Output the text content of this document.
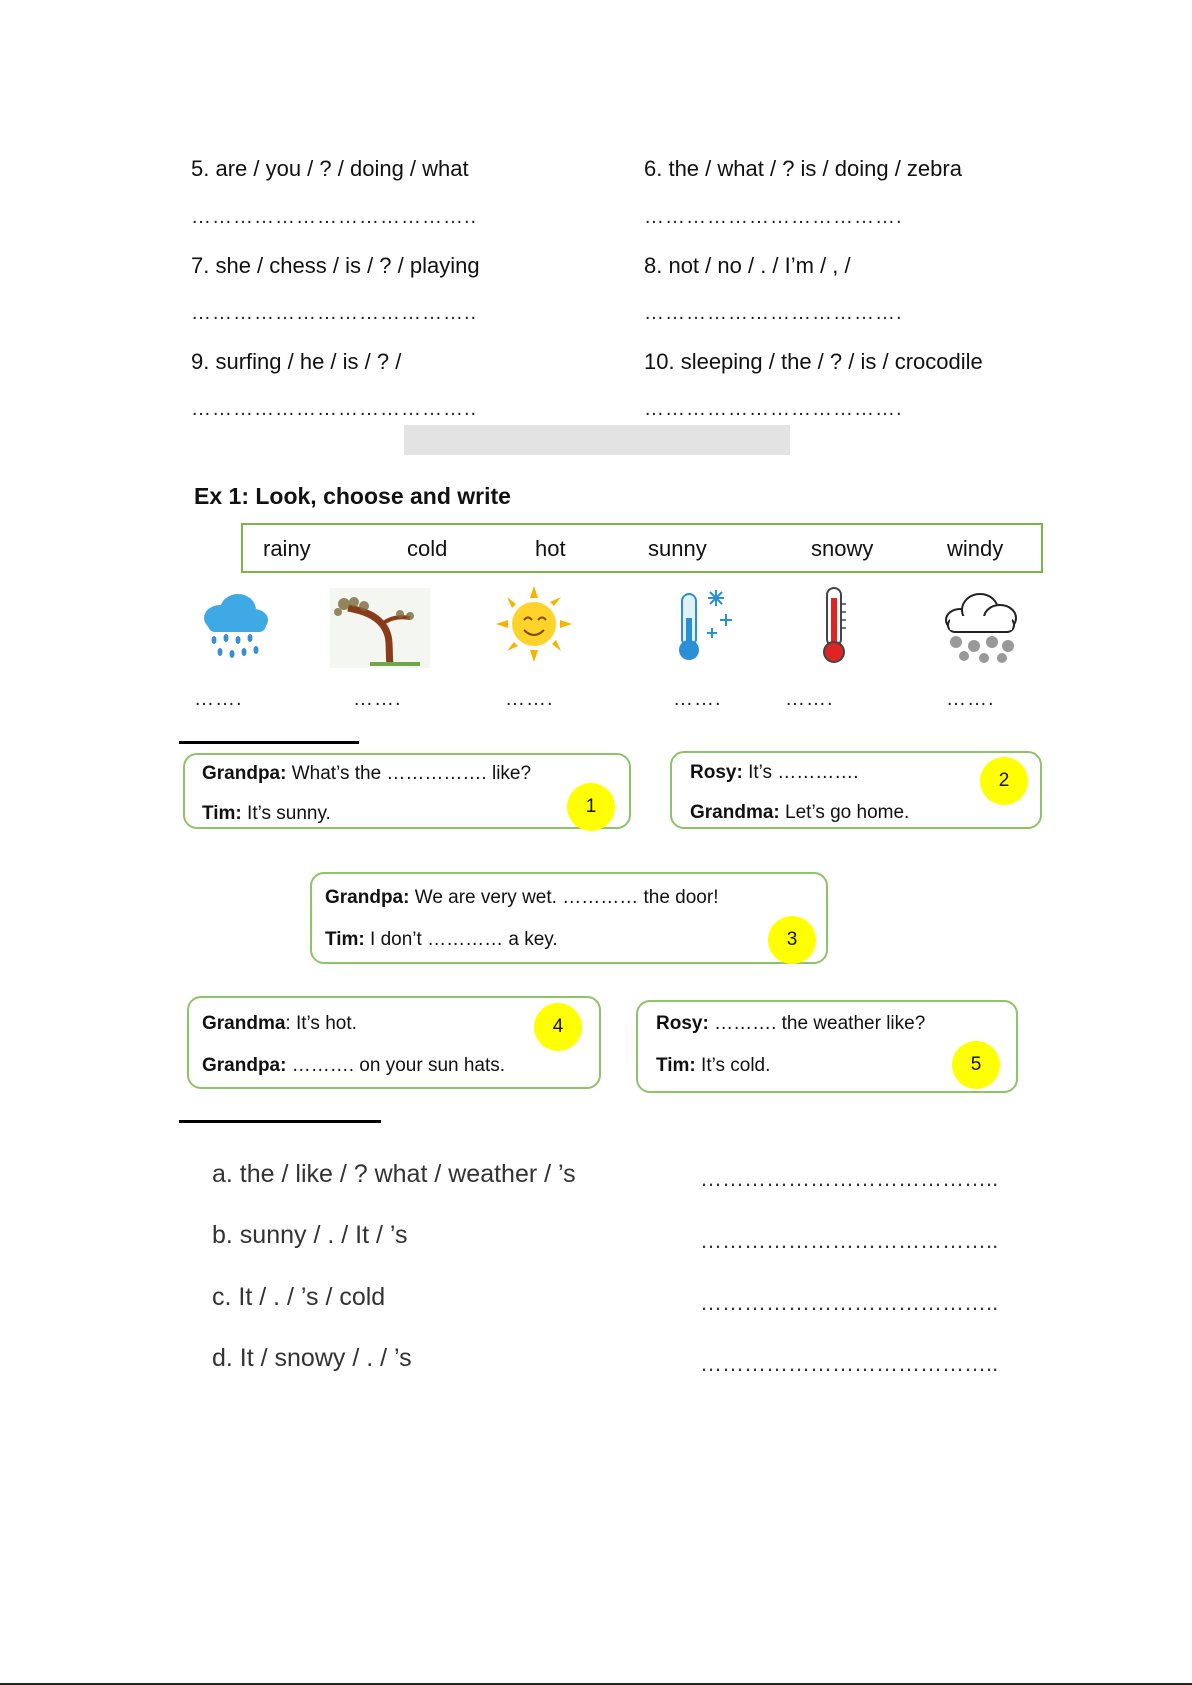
5. are / you / ? / doing / what
…………………………………..
6. the / what / ? is / doing / zebra
……………………………….
7. she / chess / is / ? / playing
…………………………………..
8. not / no / . / I’m / , /
……………………………….
9. surfing / he / is / ? /
…………………………………..
10. sleeping / the / ? / is / crocodile
……………………………….
Ex 1: Look, choose and write
rainy	cold	hot	sunny	snowy	windy
…….	…….	…….	…….	…….	…….
Grandpa: What’s the ……………. like?
Tim: It’s sunny.	1
Rosy: It’s ………….
Grandma: Let’s go home.
2
Grandpa: We are very wet. ………… the door!
Tim: I don’t ………… a key.	3
Grandma: It’s hot.
Grandpa: ………. on your sun hats.
4	Rosy: ………. the weather like?
Tim: It’s cold.	5
a. the / like / ? what / weather / ’s	…………………………………..
b. sunny / . / It / ’s	…………………………………..
c. It / . / ’s / cold	…………………………………..
d. It / snowy / . / ’s	…………………………………..
